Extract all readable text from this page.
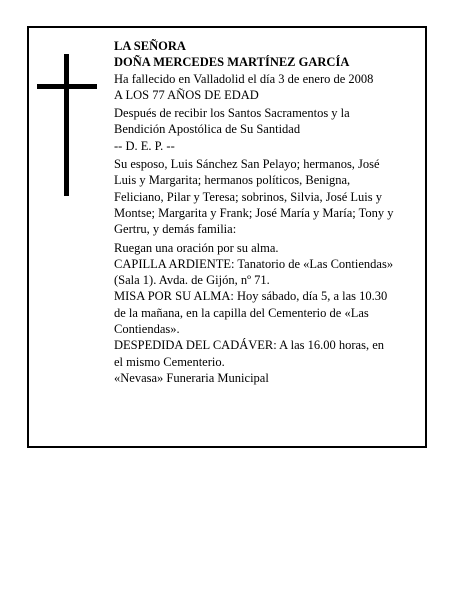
LA SEÑORA
DOÑA MERCEDES MARTÍNEZ GARCÍA
Ha fallecido en Valladolid el día 3 de enero de 2008
A LOS 77 AÑOS DE EDAD
Después de recibir los Santos Sacramentos y la
Bendición Apostólica de Su Santidad
-- D. E. P. --
Su esposo, Luis Sánchez San Pelayo; hermanos, José
Luis y Margarita; hermanos políticos, Benigna,
Feliciano, Pilar y Teresa; sobrinos, Silvia, José Luis y
Montse; Margarita y Frank; José María y María; Tony y
Gertru, y demás familia:
Ruegan una oración por su alma.
CAPILLA ARDIENTE: Tanatorio de «Las Contiendas»
(Sala 1). Avda. de Gijón, nº 71.
MISA POR SU ALMA: Hoy sábado, día 5, a las 10.30
de la mañana, en la capilla del Cementerio de «Las
Contiendas».
DESPEDIDA DEL CADÁVER: A las 16.00 horas, en
el mismo Cementerio.
«Nevasa» Funeraria Municipal
